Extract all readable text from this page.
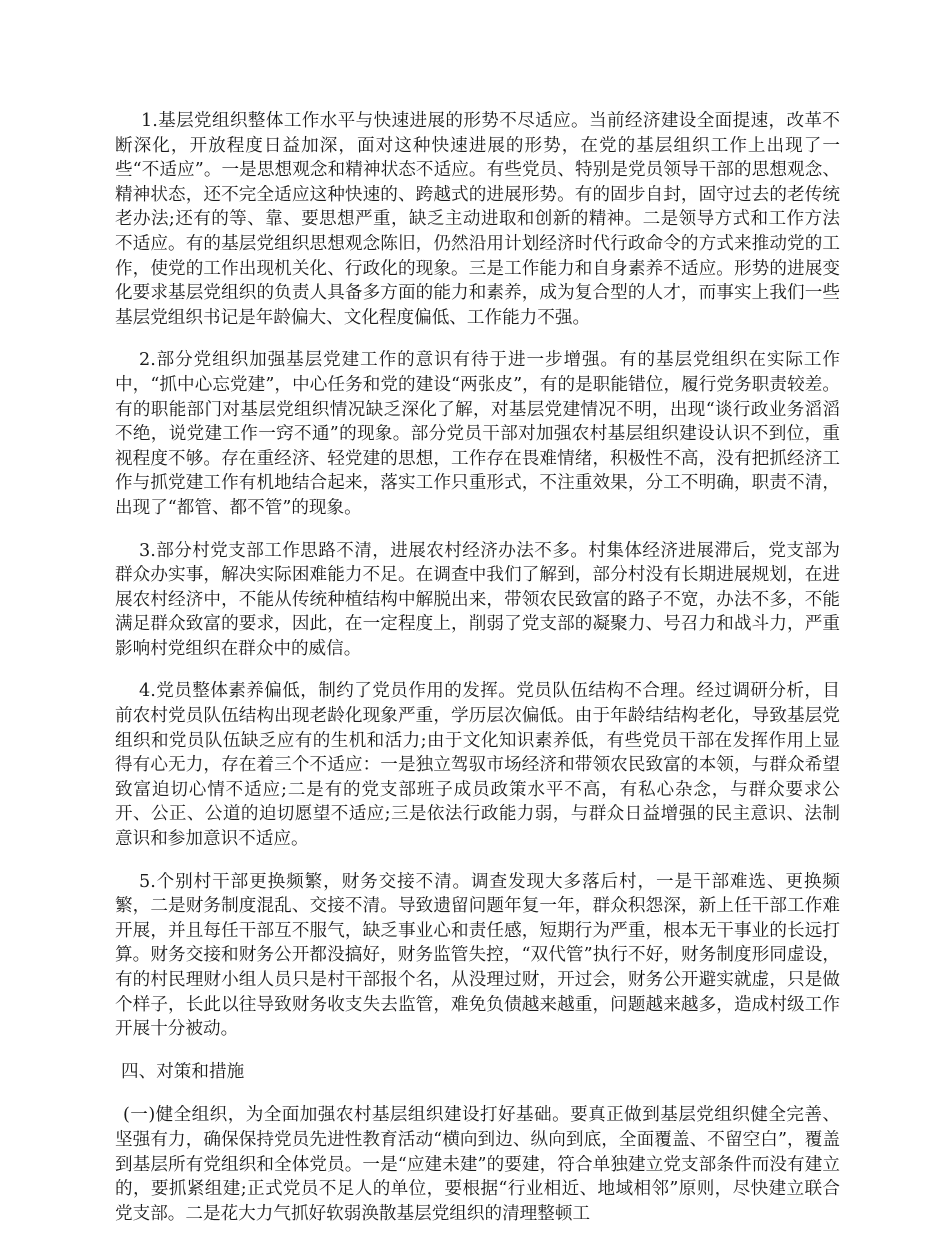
1.基层党组织整体工作水平与快速进展的形势不尽适应。当前经济建设全面提速，改革不断深化，开放程度日益加深，面对这种快速进展的形势，在党的基层组织工作上出现了一些“不适应”。一是思想观念和精神状态不适应。有些党员、特别是党员领导干部的思想观念、精神状态，还不完全适应这种快速的、跨越式的进展形势。有的固步自封，固守过去的老传统老办法;还有的等、靠、要思想严重，缺乏主动进取和创新的精神。二是领导方式和工作方法不适应。有的基层党组织思想观念陈旧，仍然沿用计划经济时代行政命令的方式来推动党的工作，使党的工作出现机关化、行政化的现象。三是工作能力和自身素养不适应。形势的进展变化要求基层党组织的负责人具备多方面的能力和素养，成为复合型的人才，而事实上我们一些基层党组织书记是年龄偏大、文化程度偏低、工作能力不强。

2.部分党组织加强基层党建工作的意识有待于进一步增强。有的基层党组织在实际工作中，“抓中心忘党建”，中心任务和党的建设“两张皮”，有的是职能错位，履行党务职责较差。有的职能部门对基层党组织情况缺乏深化了解，对基层党建情况不明，出现“谈行政业务滔滔不绝，说党建工作一窍不通”的现象。部分党员干部对加强农村基层组织建设认识不到位，重视程度不够。存在重经济、轻党建的思想，工作存在畏难情绪，积极性不高，没有把抓经济工作与抓党建工作有机地结合起来，落实工作只重形式，不注重效果，分工不明确，职责不清，出现了“都管、都不管”的现象。

3.部分村党支部工作思路不清，进展农村经济办法不多。村集体经济进展滞后，党支部为群众办实事，解决实际困难能力不足。在调查中我们了解到，部分村没有长期进展规划，在进展农村经济中，不能从传统种植结构中解脱出来，带领农民致富的路子不宽，办法不多，不能满足群众致富的要求，因此，在一定程度上，削弱了党支部的凝聚力、号召力和战斗力，严重影响村党组织在群众中的威信。

4.党员整体素养偏低，制约了党员作用的发挥。党员队伍结构不合理。经过调研分析，目前农村党员队伍结构出现老龄化现象严重，学历层次偏低。由于年龄结结构老化，导致基层党组织和党员队伍缺乏应有的生机和活力;由于文化知识素养低，有些党员干部在发挥作用上显得有心无力，存在着三个不适应：一是独立驾驭市场经济和带领农民致富的本领，与群众希望致富迫切心情不适应;二是有的党支部班子成员政策水平不高，有私心杂念，与群众要求公开、公正、公道的迫切愿望不适应;三是依法行政能力弱，与群众日益增强的民主意识、法制意识和参加意识不适应。

5.个别村干部更换频繁，财务交接不清。调查发现大多落后村，一是干部难选、更换频繁，二是财务制度混乱、交接不清。导致遗留问题年复一年，群众积怨深，新上任干部工作难开展，并且每任干部互不服气，缺乏事业心和责任感，短期行为严重，根本无干事业的长远打算。财务交接和财务公开都没搞好，财务监管失控，“双代管”执行不好，财务制度形同虚设，有的村民理财小组人员只是村干部报个名，从没理过财，开过会，财务公开避实就虚，只是做个样子，长此以往导致财务收支失去监管，难免负债越来越重，问题越来越多，造成村级工作开展十分被动。

四、对策和措施

(一)健全组织，为全面加强农村基层组织建设打好基础。要真正做到基层党组织健全完善、坚强有力，确保保持党员先进性教育活动“横向到边、纵向到底，全面覆盖、不留空白”，覆盖到基层所有党组织和全体党员。一是“应建未建”的要建，符合单独建立党支部条件而没有建立的，要抓紧组建;正式党员不足人的单位，要根据“行业相近、地域相邻”原则，尽快建立联合党支部。二是花大力气抓好软弱涣散基层党组织的清理整顿工
